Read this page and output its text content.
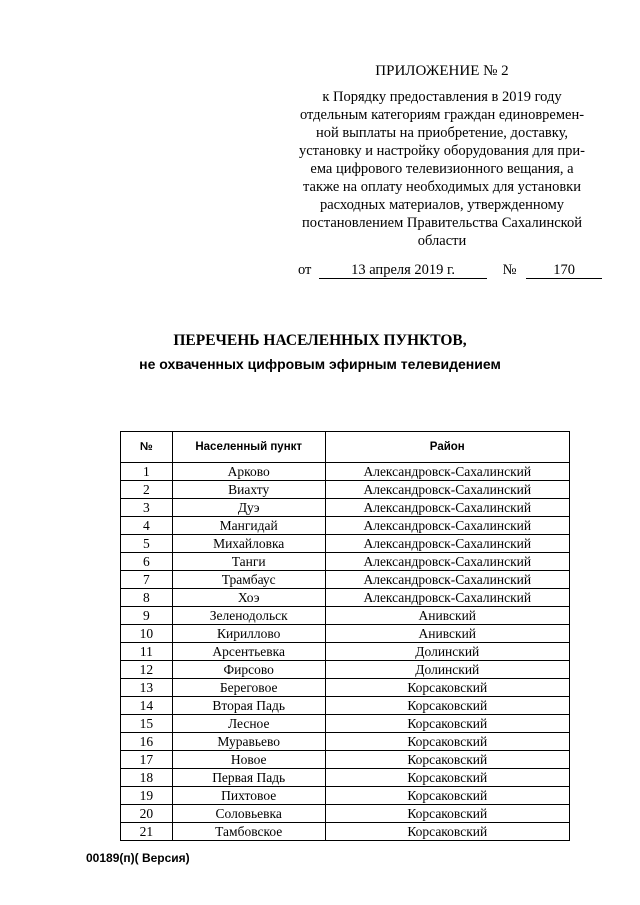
ПРИЛОЖЕНИЕ № 2
к Порядку предоставления в 2019 году
отдельным категориям граждан единовремен-
ной выплаты на приобретение, доставку,
установку и настройку оборудования для при-
ема цифрового телевизионного вещания, а
также на оплату необходимых для установки
расходных материалов, утвержденному
постановлением Правительства Сахалинской
области
от	13 апреля 2019 г.	№	170
ПЕРЕЧЕНЬ НАСЕЛЕННЫХ ПУНКТОВ,
не охваченных цифровым эфирным телевидением
№	Населенный пункт	Район
1	Арково	Александровск-Сахалинский
2	Виахту	Александровск-Сахалинский
3	Дуэ	Александровск-Сахалинский
4	Мангидай	Александровск-Сахалинский
5	Михайловка	Александровск-Сахалинский
6	Танги	Александровск-Сахалинский
7	Трамбаус	Александровск-Сахалинский
8	Хоэ	Александровск-Сахалинский
9	Зеленодольск	Анивский
10	Кириллово	Анивский
11	Арсентьевка	Долинский
12	Фирсово	Долинский
13	Береговое	Корсаковский
14	Вторая Падь	Корсаковский
15	Лесное	Корсаковский
16	Муравьево	Корсаковский
17	Новое	Корсаковский
18	Первая Падь	Корсаковский
19	Пихтовое	Корсаковский
20	Соловьевка	Корсаковский
21	Тамбовское	Корсаковский
00189(п)( Версия)
